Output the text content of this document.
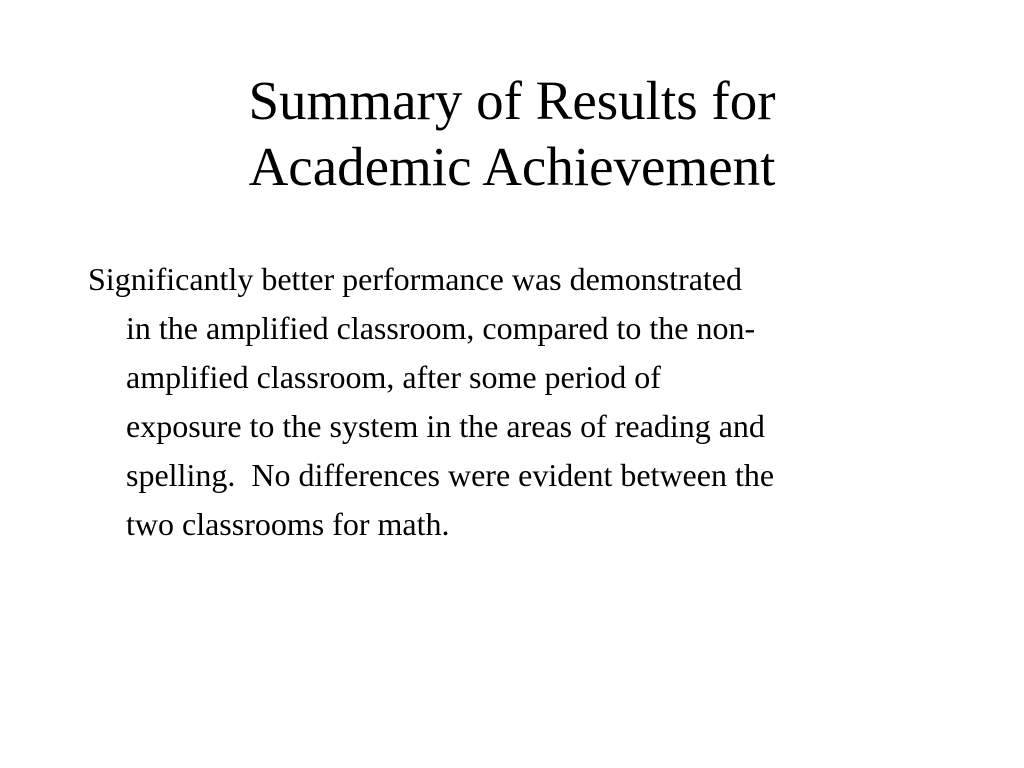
Summary of Results for
Academic Achievement
Significantly better performance was demonstrated
in the amplified classroom, compared to the non-
amplified classroom, after some period of
exposure to the system in the areas of reading and
spelling.  No differences were evident between the
two classrooms for math.
